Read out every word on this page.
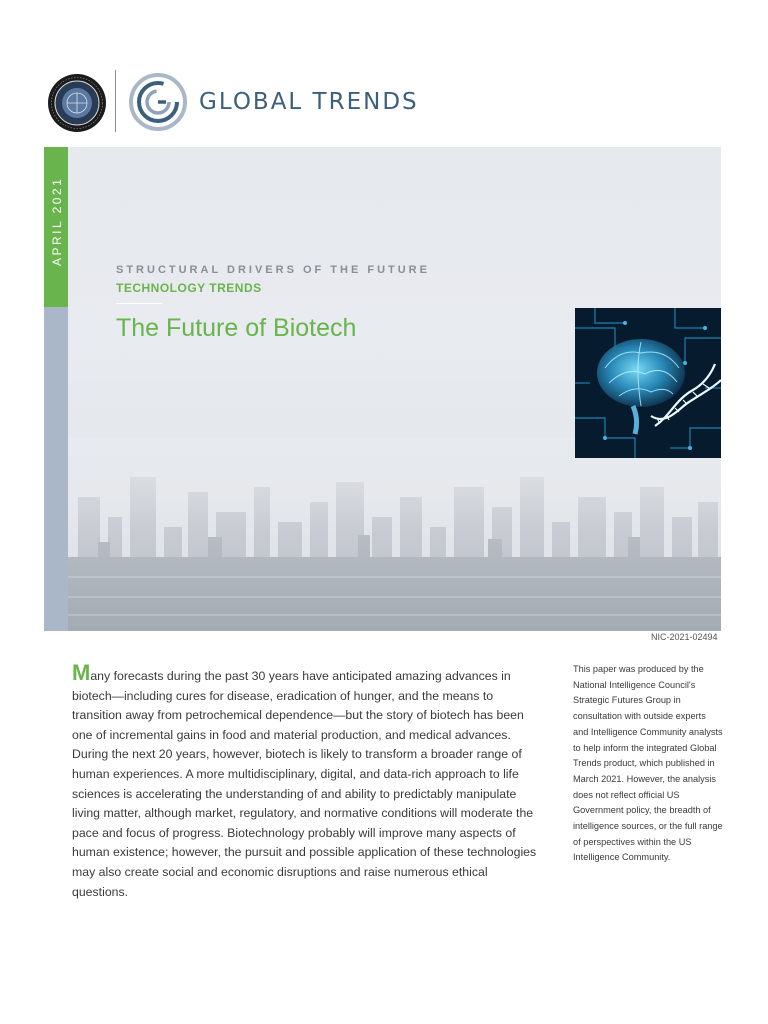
GLOBAL TRENDS
APRIL 2021
STRUCTURAL DRIVERS OF THE FUTURE
TECHNOLOGY TRENDS
The Future of Biotech
NIC-2021-02494

Many forecasts during the past 30 years have anticipated amazing advances in biotech—including cures for disease, eradication of hunger, and the means to transition away from petrochemical dependence—but the story of biotech has been one of incremental gains in food and material production, and medical advances. During the next 20 years, however, biotech is likely to transform a broader range of human experiences. A more multidisciplinary, digital, and data-rich approach to life sciences is accelerating the understanding of and ability to predictably manipulate living matter, although market, regulatory, and normative conditions will moderate the pace and focus of progress. Biotechnology probably will improve many aspects of human existence; however, the pursuit and possible application of these technologies may also create social and economic disruptions and raise numerous ethical questions.

This paper was produced by the National Intelligence Council's Strategic Futures Group in consultation with outside experts and Intelligence Community analysts to help inform the integrated Global Trends product, which published in March 2021. However, the analysis does not reflect official US Government policy, the breadth of intelligence sources, or the full range of perspectives within the US Intelligence Community.
